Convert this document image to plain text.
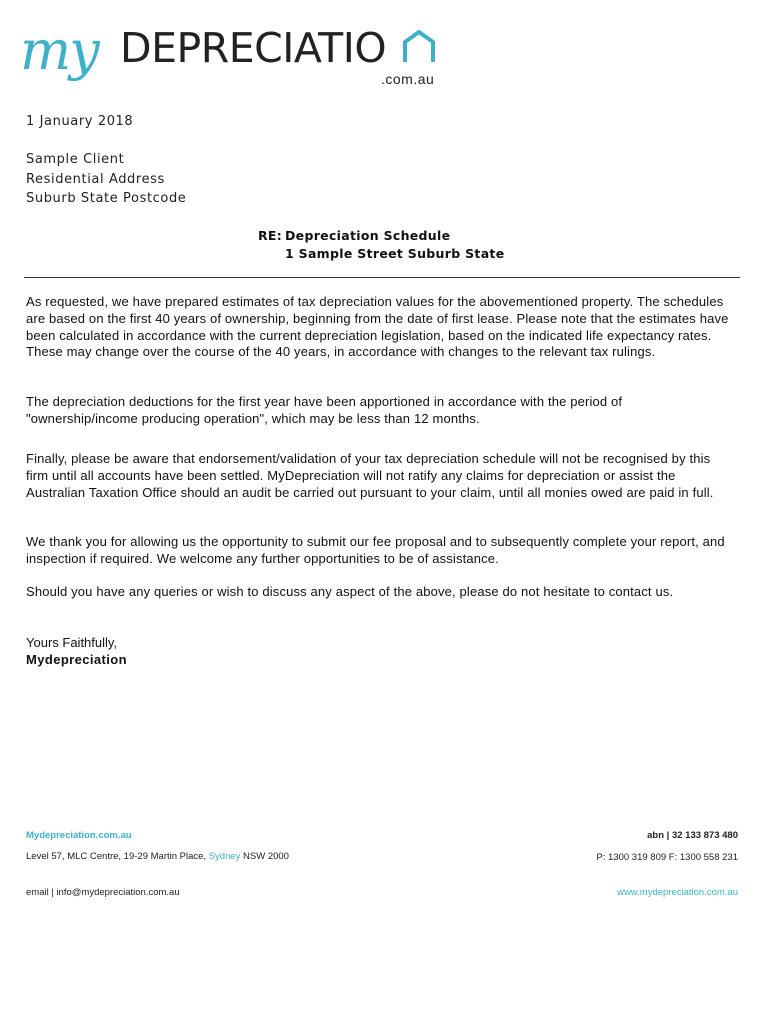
my DEPRECIATIO
.com.au
1 January 2018
Sample Client
Residential Address
Suburb State Postcode
RE: Depreciation Schedule
1 Sample Street Suburb State

As requested, we have prepared estimates of tax depreciation values for the abovementioned property. The schedules are based on the first 40 years of ownership, beginning from the date of first lease. Please note that the estimates have been calculated in accordance with the current depreciation legislation, based on the indicated life expectancy rates. These may change over the course of the 40 years, in accordance with changes to the relevant tax rulings.

The depreciation deductions for the first year have been apportioned in accordance with the period of "ownership/income producing operation", which may be less than 12 months.

Finally, please be aware that endorsement/validation of your tax depreciation schedule will not be recognised by this firm until all accounts have been settled. MyDepreciation will not ratify any claims for depreciation or assist the Australian Taxation Office should an audit be carried out pursuant to your claim, until all monies owed are paid in full.

We thank you for allowing us the opportunity to submit our fee proposal and to subsequently complete your report, and inspection if required. We welcome any further opportunities to be of assistance.

Should you have any queries or wish to discuss any aspect of the above, please do not hesitate to contact us.

Yours Faithfully,
Mydepreciation
Mydepreciation.com.au	abn | 32 133 873 480
Level 57, MLC Centre, 19-29 Martin Place, Sydney NSW 2000	P: 1300 319 809 F: 1300 558 231
email | info@mydepreciation.com.au	www.mydepreciation.com.au
